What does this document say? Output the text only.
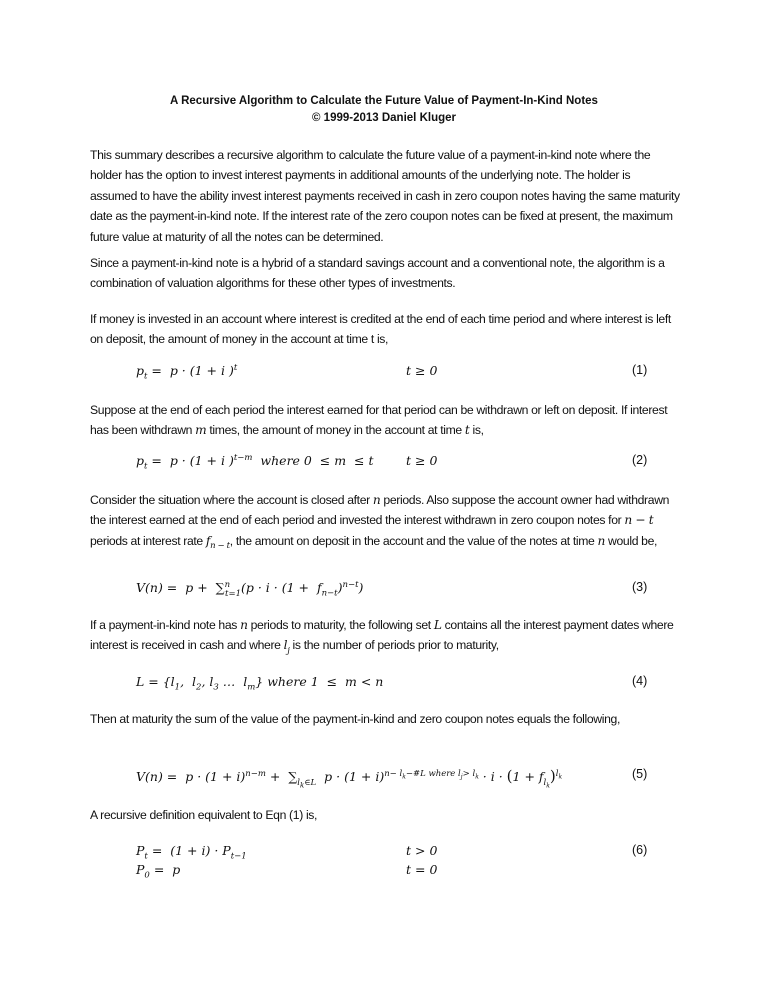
A Recursive Algorithm to Calculate the Future Value of Payment-In-Kind Notes
© 1999-2013 Daniel Kluger

This summary describes a recursive algorithm to calculate the future value of a payment-in-kind note where the holder has the option to invest interest payments in additional amounts of the underlying note. The holder is assumed to have the ability invest interest payments received in cash in zero coupon notes having the same maturity date as the payment-in-kind note. If the interest rate of the zero coupon notes can be fixed at present, the maximum future value at maturity of all the notes can be determined.

Since a payment-in-kind note is a hybrid of a standard savings account and a conventional note, the algorithm is a combination of valuation algorithms for these other types of investments.

If money is invested in an account where interest is credited at the end of each time period and where interest is left on deposit, the amount of money in the account at time t is,

$p_t = p \cdot (1 + i$ )$^t$	t ≥ 0	(1)

Suppose at the end of each period the interest earned for that period can be withdrawn or left on deposit. If interest has been withdrawn m times, the amount of money in the account at time t is,

$p_t = p \cdot (1 + i$ )$^{t-m}$  where 0  ≤ m  ≤ t	t ≥ 0	(2)

Consider the situation where the account is closed after n periods. Also suppose the account owner had withdrawn the interest earned at the end of each period and invested the interest withdrawn in zero coupon notes for n − t periods at interest rate $f_{n - t}$, the amount on deposit in the account and the value of the notes at time n would be,

$V(n) = p + \sum^n_{t=1}(p \cdot i \cdot (1 + f_{n-t})^{n-t})$	(3)

If a payment-in-kind note has n periods to maturity, the following set L contains all the interest payment dates where interest is received in cash and where $l_j$ is the number of periods prior to maturity,

$L = \{l_1$,  $l_2$, $l_3$ …  $l_m$} where 1  ≤  m < n	(4)

Then at maturity the sum of the value of the payment-in-kind and zero coupon notes equals the following,

$V(n) = p \cdot (1 + i)^{n-m} + \sum_{l_k\in L}$  $p \cdot (1 + i)^{n- l_k-\#L where l_j> l_k} \cdot i \cdot (1 + f_{l_k})^{l_k}$	(5)

A recursive definition equivalent to Eqn (1) is,

$P_t = (1 + i) \cdot P_{t-1}$	t > 0	(6)
$P_0 = p$	t = 0
